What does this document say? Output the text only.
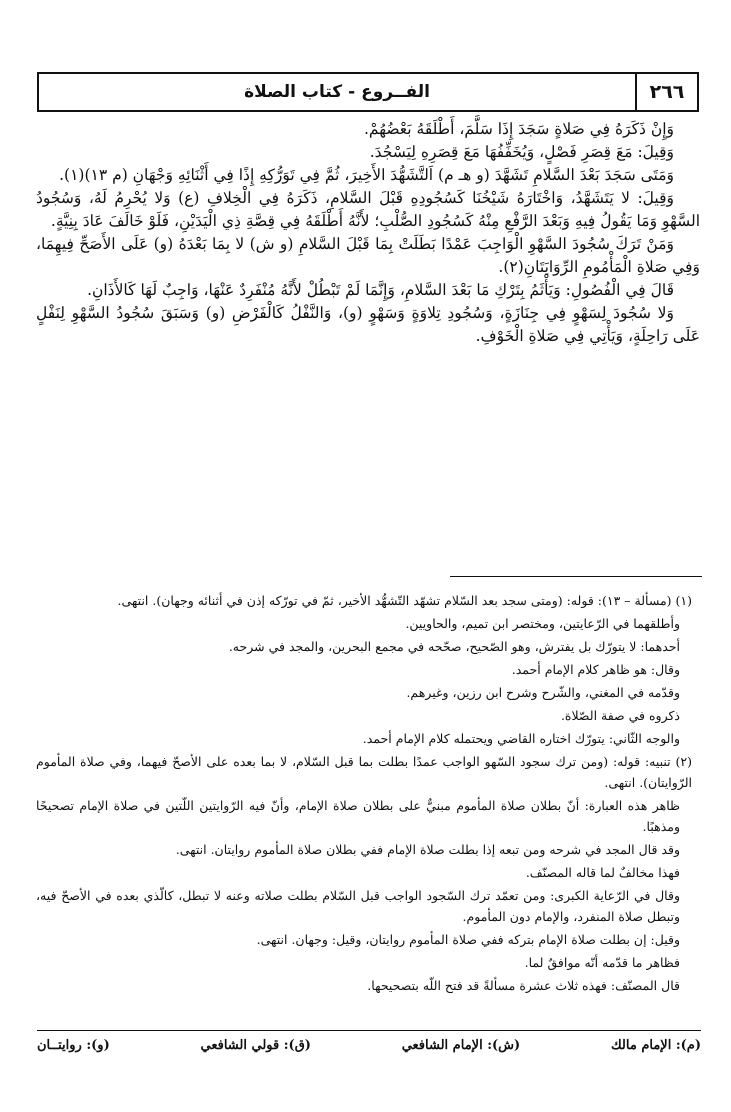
٢٦٦
الفــروع - كتاب الصلاة

وَإِنْ ذَكَرَهُ فِي صَلاةٍ سَجَدَ إِذَا سَلَّمَ، أَطْلَقَهُ بَعْضُهُمْ.

وَقِيلَ: مَعَ قِصَرِ فَصْلٍ، وَيُخَفِّفُهَا مَعَ قِصَرِهِ لِيَسْجُدَ.

وَمَتَى سَجَدَ بَعْدَ السَّلامِ تَشَهَّدَ (و هـ م) اَلتَّشَهُّدَ الأَخِيرَ، ثُمَّ فِي تَوَرُّكِهِ إِذًا فِي أَثْنَائِهِ وَجْهَانِ (م ١٣)(١).

وَقِيلَ: لا يَتَشَهَّدُ، وَاخْتَارَهُ شَيْخُنَا كَسُجُودِهِ قَبْلَ السَّلامِ، ذَكَرَهُ فِي الْخِلافِ (ع) وَلا يُحْرِمُ لَهُ، وَسُجُودُ السَّهْوِ وَمَا يَقُولُ فِيهِ وَبَعْدَ الرَّفْعِ مِنْهُ كَسُجُودِ الصُّلْبِ؛ لأَنَّهُ أَطْلَقَهُ فِي قِصَّةِ ذِي الْيَدَيْنِ، فَلَوْ خَالَفَ عَادَ بِنِيَّةٍ.

وَمَنْ تَرَكَ سُجُودَ السَّهْوِ الْوَاجِبَ عَمْدًا بَطَلَتْ بِمَا قَبْلَ السَّلامِ (و ش) لا بِمَا بَعْدَهُ (و) عَلَى الأَصَحِّ فِيهِمَا، وَفِي صَلاةِ الْمَأْمُومِ الرِّوَايَتَانِ(٢).

قَالَ فِي الْفُصُولِ: وَيَأْثَمُ بِتَرْكِ مَا بَعْدَ السَّلامِ، وَإِنَّمَا لَمْ تَبْطُلْ لأَنَّهُ مُنْفَرِدٌ عَنْهَا، وَاجِبٌ لَهَا كَالأَذَانِ.

وَلا سُجُودَ لِسَهْوٍ فِي جِنَازَةٍ، وَسُجُودِ تِلاوَةٍ وَسَهْوٍ (و)، وَالنَّفْلُ كَالْفَرْضِ (و) وَسَبَقَ سُجُودُ السَّهْوِ لِنَفْلٍ عَلَى رَاحِلَةٍ، وَيَأْتِي فِي صَلاةِ الْخَوْفِ.

(١) (مسألة – ١٣): قوله: (ومتى سجد بعد السّلام تشهّد التّشهُّد الأخير، ثمّ في تورّكه إذن في أثنائه وجهان). انتهى.

وأطلقهما في الرّعايتين، ومختصر ابن تميم، والحاويين.

أحدهما: لا يتورّك بل يفترش، وهو الصّحيح، صحّحه في مجمع البحرين، والمجد في شرحه.

وقال: هو ظاهر كلام الإمام أحمد.

وقدّمه في المغني، والشّرح وشرح ابن رزين، وغيرهم.

ذكروه في صفة الصّلاة.

والوجه الثّاني: يتورّك اختاره القاضي ويحتمله كلام الإمام أحمد.

(٢) تنبيه: قوله: (ومن ترك سجود السّهو الواجب عمدًا بطلت بما قبل السّلام، لا بما بعده على الأصحّ فيهما، وفي صلاة المأموم الرّوايتان). انتهى.

ظاهر هذه العبارة: أنّ بطلان صلاة المأموم مبنيٌّ على بطلان صلاة الإمام، وأنّ فيه الرّوايتين اللّتين في صلاة الإمام تصحيحًا ومذهبًا.

وقد قال المجد في شرحه ومن تبعه إذا بطلت صلاة الإمام ففي بطلان صلاة المأموم روايتان. انتهى.

فهذا مخالفٌ لما قاله المصنّف.

وقال في الرّعاية الكبرى: ومن تعمّد ترك السّجود الواجب قبل السّلام بطلت صلاته وعنه لا تبطل، كالّذي بعده في الأصحّ فيه، وتبطل صلاة المنفرد، والإمام دون المأموم.

وقيل: إن بطلت صلاة الإمام بتركه ففي صلاة المأموم روايتان، وقيل: وجهان. انتهى.

فظاهر ما قدّمه أنّه موافقٌ لما.

قال المصنّف: فهذه ثلاث عشرة مسألةً قد فتح اللّه بتصحيحها.

(م): الإمام مالك
(ش): الإمام الشافعي
(ق): قولي الشافعي
(و): روايتــان
